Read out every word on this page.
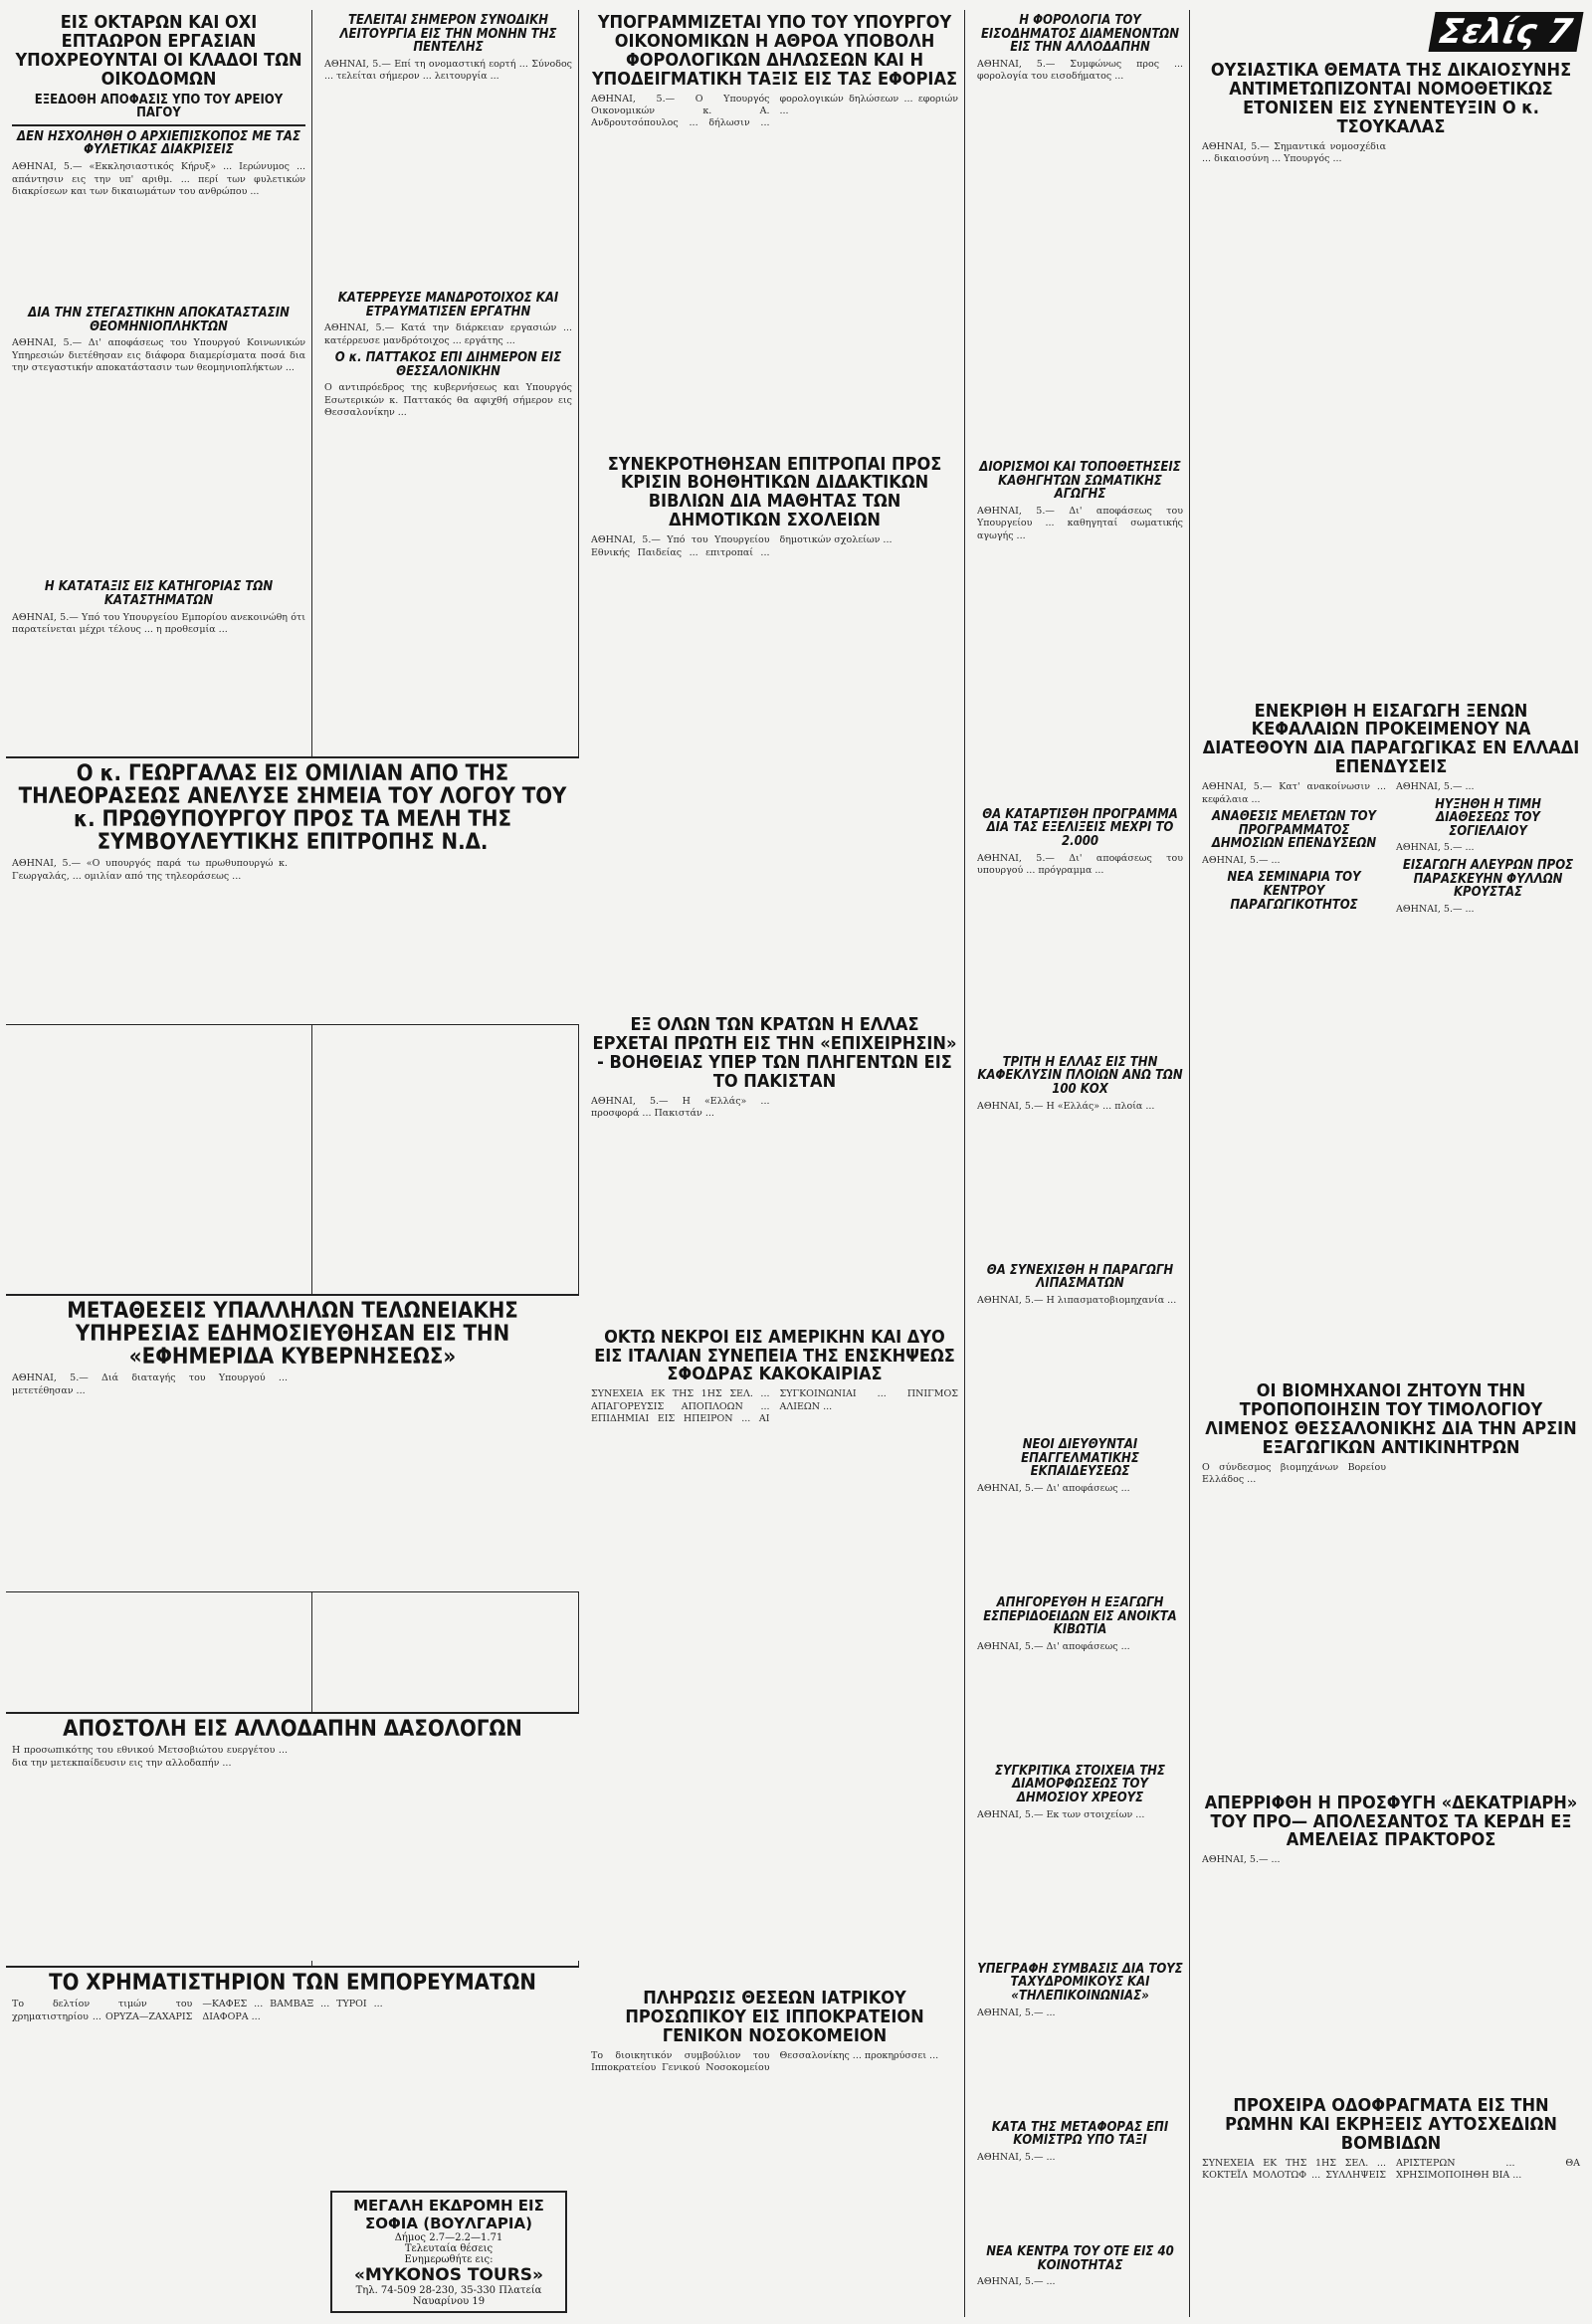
ΕΙΣ ΟΚΤΑΡΩΝ ΚΑΙ ΟΧΙ ΕΠΤΑΩΡΟΝ ΕΡΓΑΣΙΑΝ ΥΠΟΧΡΕΟΥΝΤΑΙ ΟΙ ΚΛΑΔΟΙ ΤΩΝ ΟΙΚΟΔΟΜΩΝ
ΕΞΕΔΟΘΗ ΑΠΟΦΑΣΙΣ ΥΠΟ ΤΟΥ ΑΡΕΙΟΥ ΠΑΓΟΥ
ΔΕΝ ΗΣΧΟΛΗΘΗ Ο ΑΡΧΙΕΠΙΣΚΟΠΟΣ ΜΕ ΤΑΣ ΦΥΛΕΤΙΚΑΣ ΔΙΑΚΡΙΣΕΙΣ

ΑΘΗΝΑΙ, 5.— «Εκκλησιαστικός Κήρυξ» ... Ιερώνυμος ... απάντησιν εις την υπ' αριθμ. ... περί των φυλετικών διακρίσεων και των δικαιωμάτων του ανθρώπου ...

ΔΙΑ ΤΗΝ ΣΤΕΓΑΣΤΙΚΗΝ ΑΠΟΚΑΤΑΣΤΑΣΙΝ ΘΕΟΜΗΝΙΟΠΛΗΚΤΩΝ

ΑΘΗΝΑΙ, 5.— Δι' αποφάσεως του Υπουργού Κοινωνικών Υπηρεσιών διετέθησαν εις διάφορα διαμερίσματα ποσά δια την στεγαστικήν αποκατάστασιν των θεομηνιοπλήκτων ...

Η ΚΑΤΑΤΑΞΙΣ ΕΙΣ ΚΑΤΗΓΟΡΙΑΣ ΤΩΝ ΚΑΤΑΣΤΗΜΑΤΩΝ

ΑΘΗΝΑΙ, 5.— Υπό του Υπουργείου Εμπορίου ανεκοινώθη ότι παρατείνεται μέχρι τέλους ... η προθεσμία ...

ΤΕΛΕΙΤΑΙ ΣΗΜΕΡΟΝ ΣΥΝΟΔΙΚΗ ΛΕΙΤΟΥΡΓΙΑ ΕΙΣ ΤΗΝ ΜΟΝΗΝ ΤΗΣ ΠΕΝΤΕΛΗΣ

ΑΘΗΝΑΙ, 5.— Επί τη ονομαστική εορτή ... Σύνοδος ... τελείται σήμερον ... λειτουργία ...

ΚΑΤΕΡΡΕΥΣΕ ΜΑΝΔΡΟΤΟΙΧΟΣ ΚΑΙ ΕΤΡΑΥΜΑΤΙΣΕΝ ΕΡΓΑΤΗΝ

ΑΘΗΝΑΙ, 5.— Κατά την διάρκειαν εργασιών ... κατέρρευσε μανδρότοιχος ... εργάτης ...

Ο κ. ΠΑΤΤΑΚΟΣ ΕΠΙ ΔΙΗΜΕΡΟΝ ΕΙΣ ΘΕΣΣΑΛΟΝΙΚΗΝ

Ο αντιπρόεδρος της κυβερνήσεως και Υπουργός Εσωτερικών κ. Παττακός θα αφιχθή σήμερον εις Θεσσαλονίκην ...

ΥΠΟΓΡΑΜΜΙΖΕΤΑΙ ΥΠΟ ΤΟΥ ΥΠΟΥΡΓΟΥ ΟΙΚΟΝΟΜΙΚΩΝ Η ΑΘΡΟΑ ΥΠΟΒΟΛΗ ΦΟΡΟΛΟΓΙΚΩΝ ΔΗΛΩΣΕΩΝ ΚΑΙ Η ΥΠΟΔΕΙΓΜΑΤΙΚΗ ΤΑΞΙΣ ΕΙΣ ΤΑΣ ΕΦΟΡΙΑΣ

ΑΘΗΝΑΙ, 5.— Ο Υπουργός Οικονομικών κ. Α. Ανδρουτσόπουλος ... δήλωσιν ... φορολογικών δηλώσεων ... εφοριών ...

ΣΥΝΕΚΡΟΤΗΘΗΣΑΝ ΕΠΙΤΡΟΠΑΙ ΠΡΟΣ ΚΡΙΣΙΝ ΒΟΗΘΗΤΙΚΩΝ ΔΙΔΑΚΤΙΚΩΝ ΒΙΒΛΙΩΝ ΔΙΑ ΜΑΘΗΤΑΣ ΤΩΝ ΔΗΜΟΤΙΚΩΝ ΣΧΟΛΕΙΩΝ

ΑΘΗΝΑΙ, 5.— Υπό του Υπουργείου Εθνικής Παιδείας ... επιτροπαί ... δημοτικών σχολείων ...

ΕΞ ΟΛΩΝ ΤΩΝ ΚΡΑΤΩΝ Η ΕΛΛΑΣ ΕΡΧΕΤΑΙ ΠΡΩΤΗ ΕΙΣ ΤΗΝ «ΕΠΙΧΕΙΡΗΣΙΝ» - ΒΟΗΘΕΙΑΣ ΥΠΕΡ ΤΩΝ ΠΛΗΓΕΝΤΩΝ ΕΙΣ ΤΟ ΠΑΚΙΣΤΑΝ

ΑΘΗΝΑΙ, 5.— Η «Ελλάς» ... προσφορά ... Πακιστάν ...

ΟΚΤΩ ΝΕΚΡΟΙ ΕΙΣ ΑΜΕΡΙΚΗΝ ΚΑΙ ΔΥΟ ΕΙΣ ΙΤΑΛΙΑΝ ΣΥΝΕΠΕΙΑ ΤΗΣ ΕΝΣΚΗΨΕΩΣ ΣΦΟΔΡΑΣ ΚΑΚΟΚΑΙΡΙΑΣ

ΣΥΝΕΧΕΙΑ ΕΚ ΤΗΣ 1ΗΣ ΣΕΛ. ... ΑΠΑΓΟΡΕΥΣΙΣ ΑΠΟΠΛΟΩΝ ... ΕΠΙΔΗΜΙΑΙ ΕΙΣ ΗΠΕΙΡΟΝ ... ΑΙ ΣΥΓΚΟΙΝΩΝΙΑΙ ... ΠΝΙΓΜΟΣ ΑΛΙΕΩΝ ...

ΠΛΗΡΩΣΙΣ ΘΕΣΕΩΝ ΙΑΤΡΙΚΟΥ ΠΡΟΣΩΠΙΚΟΥ ΕΙΣ ΙΠΠΟΚΡΑΤΕΙΟΝ ΓΕΝΙΚΟΝ ΝΟΣΟΚΟΜΕΙΟΝ

Το διοικητικόν συμβούλιον του Ιπποκρατείου Γενικού Νοσοκομείου Θεσσαλονίκης ... προκηρύσσει ...

Η ΦΟΡΟΛΟΓΙΑ ΤΟΥ ΕΙΣΟΔΗΜΑΤΟΣ ΔΙΑΜΕΝΟΝΤΩΝ ΕΙΣ ΤΗΝ ΑΛΛΟΔΑΠΗΝ

ΑΘΗΝΑΙ, 5.— Συμφώνως προς ... φορολογία του εισοδήματος ...

ΔΙΟΡΙΣΜΟΙ ΚΑΙ ΤΟΠΟΘΕΤΗΣΕΙΣ ΚΑΘΗΓΗΤΩΝ ΣΩΜΑΤΙΚΗΣ ΑΓΩΓΗΣ

ΑΘΗΝΑΙ, 5.— Δι' αποφάσεως του Υπουργείου ... καθηγηταί σωματικής αγωγής ...

ΘΑ ΚΑΤΑΡΤΙΣΘΗ ΠΡΟΓΡΑΜΜΑ ΔΙΑ ΤΑΣ ΕΞΕΛΙΞΕΙΣ ΜΕΧΡΙ ΤΟ 2.000

ΑΘΗΝΑΙ, 5.— Δι' αποφάσεως του υπουργού ... πρόγραμμα ...

ΤΡΙΤΗ Η ΕΛΛΑΣ ΕΙΣ ΤΗΝ ΚΑΦΕΚΛΥΣΙΝ ΠΛΟΙΩΝ ΑΝΩ ΤΩΝ 100 ΚΟΧ

ΑΘΗΝΑΙ, 5.— Η «Ελλάς» ... πλοία ...

ΘΑ ΣΥΝΕΧΙΣΘΗ Η ΠΑΡΑΓΩΓΗ ΛΙΠΑΣΜΑΤΩΝ

ΑΘΗΝΑΙ, 5.— Η λιπασματοβιομηχανία ...

ΝΕΟΙ ΔΙΕΥΘΥΝΤΑΙ ΕΠΑΓΓΕΛΜΑΤΙΚΗΣ ΕΚΠΑΙΔΕΥΣΕΩΣ

ΑΘΗΝΑΙ, 5.— Δι' αποφάσεως ...

ΑΠΗΓΟΡΕΥΘΗ Η ΕΞΑΓΩΓΗ ΕΣΠΕΡΙΔΟΕΙΔΩΝ ΕΙΣ ΑΝΟΙΚΤΑ ΚΙΒΩΤΙΑ

ΑΘΗΝΑΙ, 5.— Δι' αποφάσεως ...

ΣΥΓΚΡΙΤΙΚΑ ΣΤΟΙΧΕΙΑ ΤΗΣ ΔΙΑΜΟΡΦΩΣΕΩΣ ΤΟΥ ΔΗΜΟΣΙΟΥ ΧΡΕΟΥΣ

ΑΘΗΝΑΙ, 5.— Εκ των στοιχείων ...

ΥΠΕΓΡΑΦΗ ΣΥΜΒΑΣΙΣ ΔΙΑ ΤΟΥΣ ΤΑΧΥΔΡΟΜΙΚΟΥΣ ΚΑΙ «ΤΗΛΕΠΙΚΟΙΝΩΝΙΑΣ»

ΑΘΗΝΑΙ, 5.— ...

ΚΑΤΑ ΤΗΣ ΜΕΤΑΦΟΡΑΣ ΕΠΙ ΚΟΜΙΣΤΡΩ ΥΠΟ ΤΑΞΙ

ΑΘΗΝΑΙ, 5.— ...

ΝΕΑ ΚΕΝΤΡΑ ΤΟΥ ΟΤΕ ΕΙΣ 40 ΚΟΙΝΟΤΗΤΑΣ

ΑΘΗΝΑΙ, 5.— ...

Σελίς 7
ΟΥΣΙΑΣΤΙΚΑ ΘΕΜΑΤΑ ΤΗΣ ΔΙΚΑΙΟΣΥΝΗΣ ΑΝΤΙΜΕΤΩΠΙΖΟΝΤΑΙ ΝΟΜΟΘΕΤΙΚΩΣ ΕΤΟΝΙΣΕΝ ΕΙΣ ΣΥΝΕΝΤΕΥΞΙΝ Ο κ. ΤΣΟΥΚΑΛΑΣ

ΑΘΗΝΑΙ, 5.— Σημαντικά νομοσχέδια ... δικαιοσύνη ... Υπουργός ...

ΕΝΕΚΡΙΘΗ Η ΕΙΣΑΓΩΓΗ ΞΕΝΩΝ ΚΕΦΑΛΑΙΩΝ ΠΡΟΚΕΙΜΕΝΟΥ ΝΑ ΔΙΑΤΕΘΟΥΝ ΔΙΑ ΠΑΡΑΓΩΓΙΚΑΣ ΕΝ ΕΛΛΑΔΙ ΕΠΕΝΔΥΣΕΙΣ

ΑΘΗΝΑΙ, 5.— Κατ' ανακοίνωσιν ... κεφάλαια ...

ΑΝΑΘΕΣΙΣ ΜΕΛΕΤΩΝ ΤΟΥ ΠΡΟΓΡΑΜΜΑΤΟΣ ΔΗΜΟΣΙΩΝ ΕΠΕΝΔΥΣΕΩΝ

ΑΘΗΝΑΙ, 5.— ...

ΝΕΑ ΣΕΜΙΝΑΡΙΑ ΤΟΥ ΚΕΝΤΡΟΥ ΠΑΡΑΓΩΓΙΚΟΤΗΤΟΣ

ΑΘΗΝΑΙ, 5.— ...

ΗΥΞΗΘΗ Η ΤΙΜΗ ΔΙΑΘΕΣΕΩΣ ΤΟΥ ΣΟΓΙΕΛΑΙΟΥ

ΑΘΗΝΑΙ, 5.— ...

ΕΙΣΑΓΩΓΗ ΑΛΕΥΡΩΝ ΠΡΟΣ ΠΑΡΑΣΚΕΥΗΝ ΦΥΛΛΩΝ ΚΡΟΥΣΤΑΣ

ΑΘΗΝΑΙ, 5.— ...

ΟΙ ΒΙΟΜΗΧΑΝΟΙ ΖΗΤΟΥΝ ΤΗΝ ΤΡΟΠΟΠΟΙΗΣΙΝ ΤΟΥ ΤΙΜΟΛΟΓΙΟΥ ΛΙΜΕΝΟΣ ΘΕΣΣΑΛΟΝΙΚΗΣ ΔΙΑ ΤΗΝ ΑΡΣΙΝ ΕΞΑΓΩΓΙΚΩΝ ΑΝΤΙΚΙΝΗΤΡΩΝ

Ο σύνδεσμος βιομηχάνων Βορείου Ελλάδος ...

ΑΠΕΡΡΙΦΘΗ Η ΠΡΟΣΦΥΓΗ «ΔΕΚΑΤΡΙΑΡΗ» ΤΟΥ ΠΡΟ— ΑΠΟΛΕΣΑΝΤΟΣ ΤΑ ΚΕΡΔΗ ΕΞ ΑΜΕΛΕΙΑΣ ΠΡΑΚΤΟΡΟΣ

ΑΘΗΝΑΙ, 5.— ...

ΠΡΟΧΕΙΡΑ ΟΔΟΦΡΑΓΜΑΤΑ ΕΙΣ ΤΗΝ ΡΩΜΗΝ ΚΑΙ ΕΚΡΗΞΕΙΣ ΑΥΤΟΣΧΕΔΙΩΝ ΒΟΜΒΙΔΩΝ

ΣΥΝΕΧΕΙΑ ΕΚ ΤΗΣ 1ΗΣ ΣΕΛ. ... ΚΟΚΤΕΪΛ ΜΟΛΟΤΩΦ ... ΣΥΛΛΗΨΕΙΣ ΑΡΙΣΤΕΡΩΝ ... ΘΑ ΧΡΗΣΙΜΟΠΟΙΗΘΗ ΒΙΑ ...

Ο κ. ΓΕΩΡΓΑΛΑΣ ΕΙΣ ΟΜΙΛΙΑΝ ΑΠΟ ΤΗΣ ΤΗΛΕΟΡΑΣΕΩΣ ΑΝΕΛΥΣΕ ΣΗΜΕΙΑ ΤΟΥ ΛΟΓΟΥ ΤΟΥ κ. ΠΡΩΘΥΠΟΥΡΓΟΥ ΠΡΟΣ ΤΑ ΜΕΛΗ ΤΗΣ ΣΥΜΒΟΥΛΕΥΤΙΚΗΣ ΕΠΙΤΡΟΠΗΣ Ν.Δ.

ΑΘΗΝΑΙ, 5.— «Ο υπουργός παρά τω πρωθυπουργώ κ. Γεωργαλάς, ... ομιλίαν από της τηλεοράσεως ...

ΜΕΤΑΘΕΣΕΙΣ ΥΠΑΛΛΗΛΩΝ ΤΕΛΩΝΕΙΑΚΗΣ ΥΠΗΡΕΣΙΑΣ ΕΔΗΜΟΣΙΕΥΘΗΣΑΝ ΕΙΣ ΤΗΝ «ΕΦΗΜΕΡΙΔΑ ΚΥΒΕΡΝΗΣΕΩΣ»

ΑΘΗΝΑΙ, 5.— Διά διαταγής του Υπουργού ... μετετέθησαν ...

ΑΠΟΣΤΟΛΗ ΕΙΣ ΑΛΛΟΔΑΠΗΝ ΔΑΣΟΛΟΓΩΝ

Η προσωπικότης του εθνικού Μετσοβιώτου ευεργέτου ... δια την μετεκπαίδευσιν εις την αλλοδαπήν ...

ΤΟ ΧΡΗΜΑΤΙΣΤΗΡΙΟΝ ΤΩΝ ΕΜΠΟΡΕΥΜΑΤΩΝ

Το δελτίον τιμών του χρηματιστηρίου ... ΟΡΥΖΑ—ΖΑΧΑΡΙΣ—ΚΑΦΕΣ ... ΒΑΜΒΑΞ ... ΤΥΡΟΙ ... ΔΙΑΦΟΡΑ ...

ΜΕΓΑΛΗ ΕΚΔΡΟΜΗ ΕΙΣ ΣΟΦΙΑ (ΒΟΥΛΓΑΡΙΑ)
Δήμος 2.7—2.2—1.71
Τελευταία θέσεις
Ενημερωθήτε εις:
«MYKONOS TOURS»
Τηλ. 74-509 28-230, 35-330 Πλατεία Ναυαρίνου 19
